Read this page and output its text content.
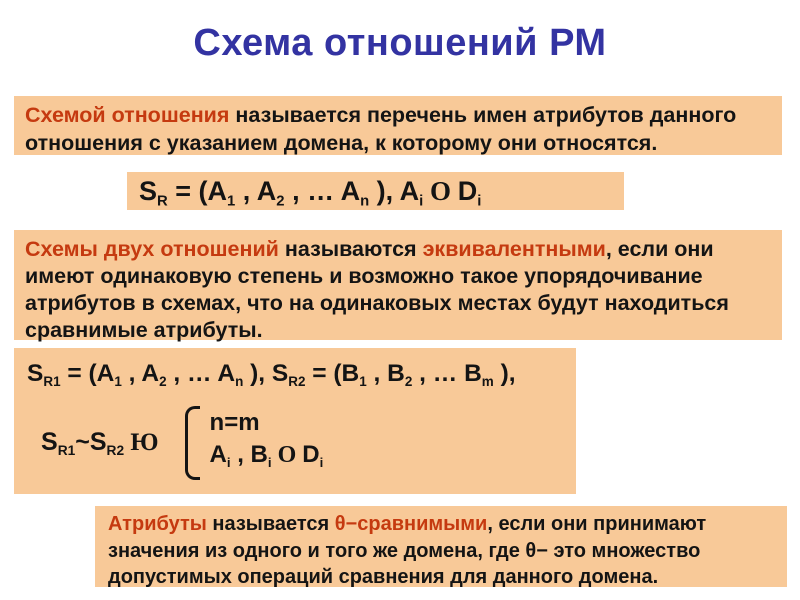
Схема отношений РМ
Схемой отношения называется перечень имен атрибутов данного
отношения с указанием домена, к которому они относятся.
$S_R = (A_1$ , $A_2$ , … $A_n$ ), $A_i$ О $D_i$
Схемы двух отношений называются эквивалентными, если они
имеют одинаковую степень и возможно такое упорядочивание
атрибутов в схемах, что на одинаковых местах будут находиться
сравнимые атрибуты.
$S_{R1} = (A_1$ , $A_2$ , … $A_n$ ), $S_{R2} = (B_1$ , $B_2$ , … $B_m$ ),
$S_{R1}\sim S_{R2}$ Ю
n=m
$A_i$ , $B_i$ О $D_i$
Атрибуты называется θ−сравнимыми, если они принимают
значения из одного и того же домена, где θ− это множество
допустимых операций сравнения для данного домена.
